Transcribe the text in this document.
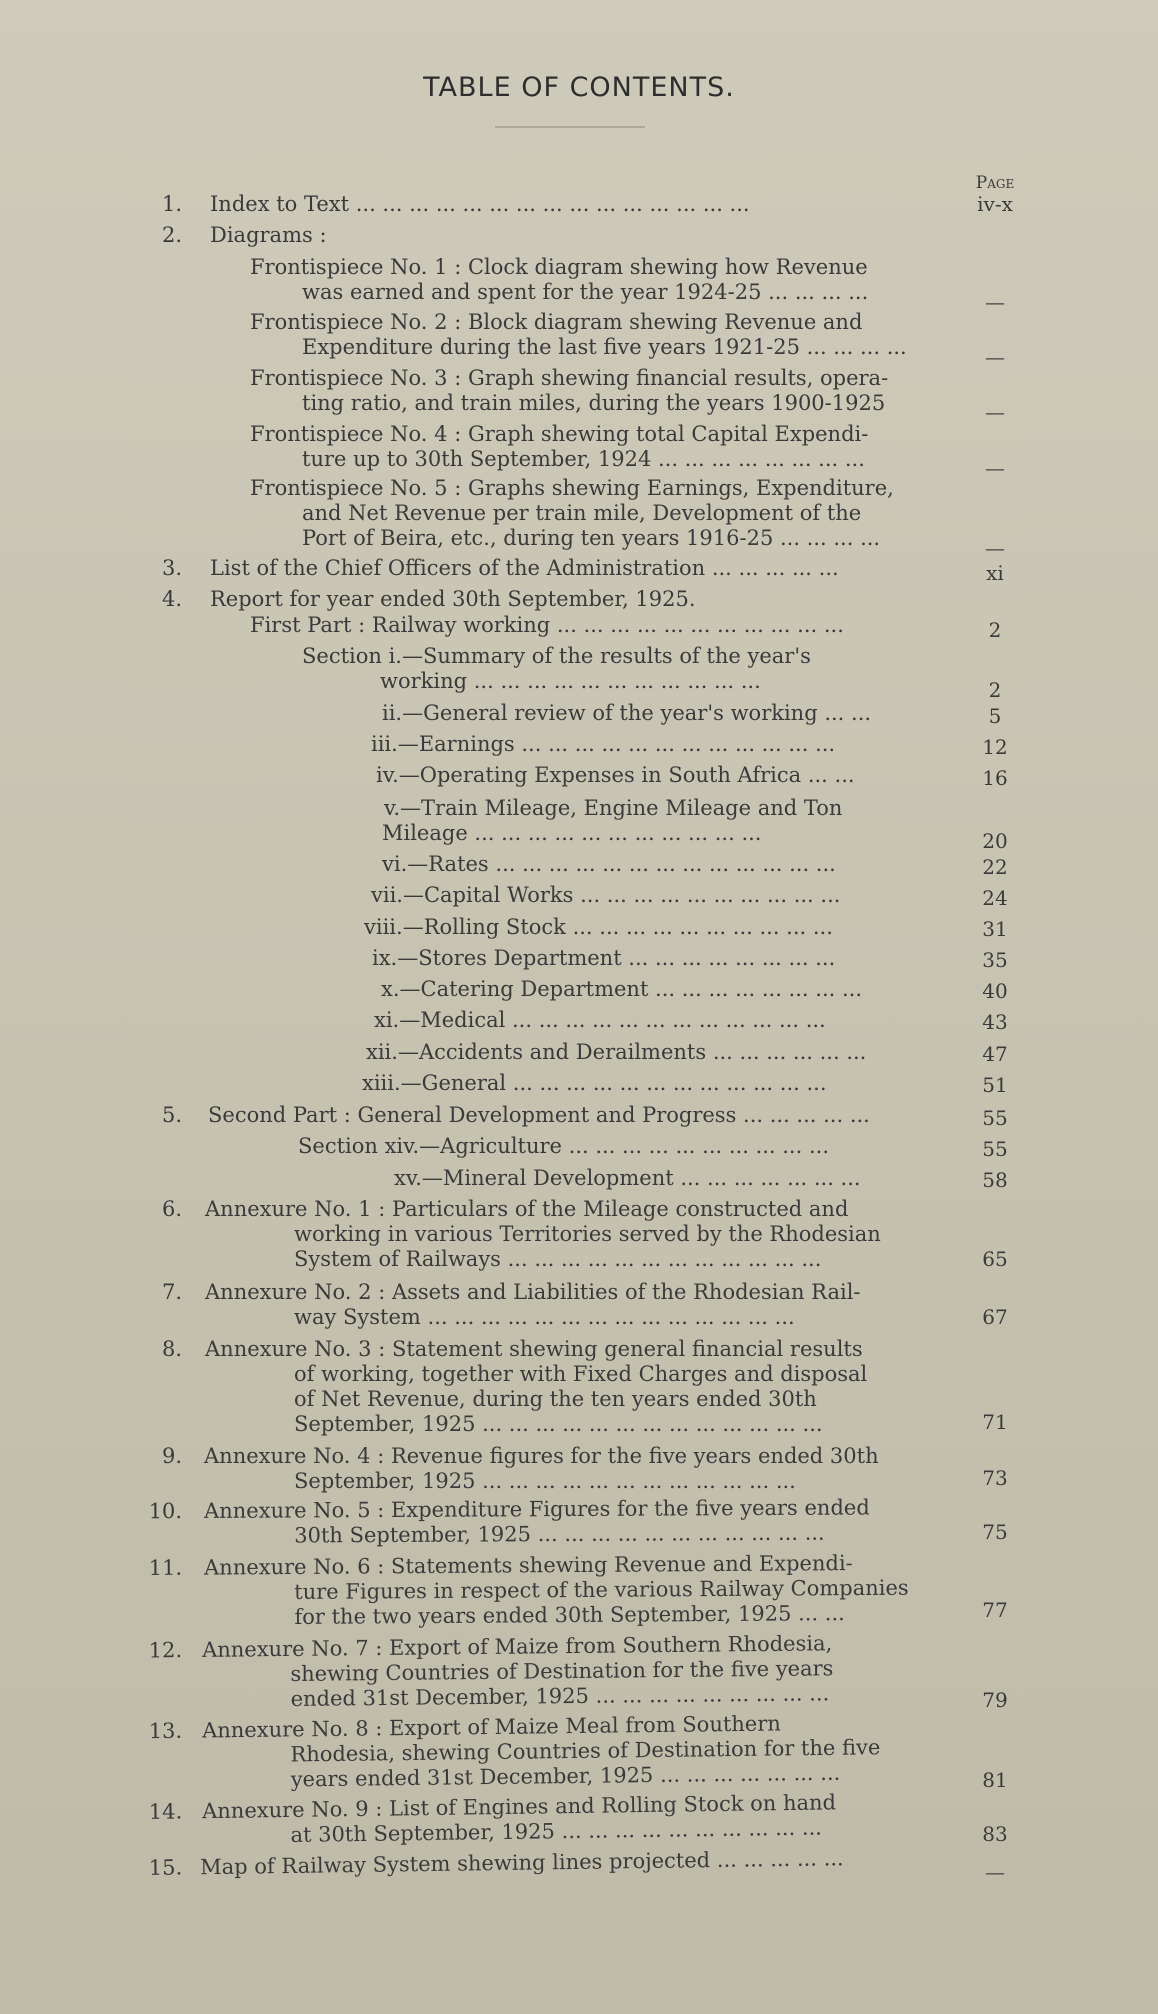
TABLE OF CONTENTS.
Page
1. Index to Text ... ... ... ... ... ... ... ... ... ... ... ... ... ... ...	iv-x
2. Diagrams :
Frontispiece No. 1 : Clock diagram shewing how Revenue
was earned and spent for the year 1924-25 ... ... ... ...	—
Frontispiece No. 2 : Block diagram shewing Revenue and
Expenditure during the last five years 1921-25 ... ... ... ...	—
Frontispiece No. 3 : Graph shewing financial results, opera-
ting ratio, and train miles, during the years 1900-1925	—
Frontispiece No. 4 : Graph shewing total Capital Expendi-
ture up to 30th September, 1924 ... ... ... ... ... ... ... ...	—
Frontispiece No. 5 : Graphs shewing Earnings, Expenditure,
and Net Revenue per train mile, Development of the
Port of Beira, etc., during ten years 1916-25 ... ... ... ...	—
3. List of the Chief Officers of the Administration ... ... ... ... ...	xi
4. Report for year ended 30th September, 1925.
First Part : Railway working ... ... ... ... ... ... ... ... ... ... ...	2
Section i.—Summary of the results of the year's
working ... ... ... ... ... ... ... ... ... ... ...	2
ii.—General review of the year's working ... ...	5
iii.—Earnings ... ... ... ... ... ... ... ... ... ... ... ...	12
iv.—Operating Expenses in South Africa ... ...	16
v.—Train Mileage, Engine Mileage and Ton
Mileage ... ... ... ... ... ... ... ... ... ... ...	20
vi.—Rates ... ... ... ... ... ... ... ... ... ... ... ... ...	22
vii.—Capital Works ... ... ... ... ... ... ... ... ... ...	24
viii.—Rolling Stock ... ... ... ... ... ... ... ... ... ...	31
ix.—Stores Department ... ... ... ... ... ... ... ...	35
x.—Catering Department ... ... ... ... ... ... ... ...	40
xi.—Medical ... ... ... ... ... ... ... ... ... ... ... ...	43
xii.—Accidents and Derailments ... ... ... ... ... ...	47
xiii.—General ... ... ... ... ... ... ... ... ... ... ... ...	51
5. Second Part : General Development and Progress ... ... ... ... ...	55
Section xiv.—Agriculture ... ... ... ... ... ... ... ... ... ...	55
xv.—Mineral Development ... ... ... ... ... ... ...	58
6. Annexure No. 1 : Particulars of the Mileage constructed and
working in various Territories served by the Rhodesian
System of Railways ... ... ... ... ... ... ... ... ... ... ... ...	65
7. Annexure No. 2 : Assets and Liabilities of the Rhodesian Rail-
way System ... ... ... ... ... ... ... ... ... ... ... ... ... ...	67
8. Annexure No. 3 : Statement shewing general financial results
of working, together with Fixed Charges and disposal
of Net Revenue, during the ten years ended 30th
September, 1925 ... ... ... ... ... ... ... ... ... ... ... ... ...	71
9. Annexure No. 4 : Revenue figures for the five years ended 30th
September, 1925 ... ... ... ... ... ... ... ... ... ... ... ...	73
10. Annexure No. 5 : Expenditure Figures for the five years ended
30th September, 1925 ... ... ... ... ... ... ... ... ... ... ...	75
11. Annexure No. 6 : Statements shewing Revenue and Expendi-
ture Figures in respect of the various Railway Companies
for the two years ended 30th September, 1925 ... ...	77
12. Annexure No. 7 : Export of Maize from Southern Rhodesia,
shewing Countries of Destination for the five years
ended 31st December, 1925 ... ... ... ... ... ... ... ... ...	79
13. Annexure No. 8 : Export of Maize Meal from Southern
Rhodesia, shewing Countries of Destination for the five
years ended 31st December, 1925 ... ... ... ... ... ... ...	81
14. Annexure No. 9 : List of Engines and Rolling Stock on hand
at 30th September, 1925 ... ... ... ... ... ... ... ... ... ...	83
15. Map of Railway System shewing lines projected ... ... ... ... ...	—
